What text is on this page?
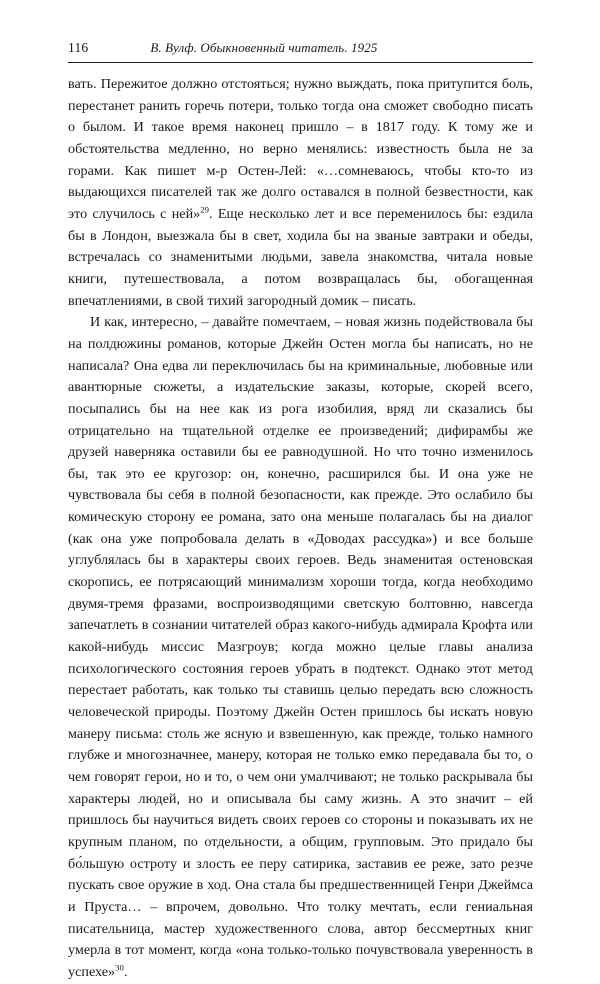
116	В. Вулф. Обыкновенный читатель. 1925

вать. Пережитое должно отстояться; нужно выждать, пока притупится боль, перестанет ранить горечь потери, только тогда она сможет свободно писать о былом. И такое время наконец пришло – в 1817 году. К тому же и обстоятельства медленно, но верно менялись: известность была не за горами. Как пишет м-р Остен-Лей: «…сомневаюсь, чтобы кто-то из выдающихся писателей так же долго оставался в полной безвестности, как это случилось с ней»$^{29}$. Еще несколько лет и все переменилось бы: ездила бы в Лондон, выезжала бы в свет, ходила бы на званые завтраки и обеды, встречалась со знаменитыми людьми, завела знакомства, читала новые книги, путешествовала, а потом возвращалась бы, обогащенная впечатлениями, в свой тихий загородный домик – писать.

И как, интересно, – давайте помечтаем, – новая жизнь подействовала бы на полдюжины романов, которые Джейн Остен могла бы написать, но не написала? Она едва ли переключилась бы на криминальные, любовные или авантюрные сюжеты, а издательские заказы, которые, скорей всего, посыпались бы на нее как из рога изобилия, вряд ли сказались бы отрицательно на тщательной отделке ее произведений; дифирамбы же друзей наверняка оставили бы ее равнодушной. Но что точно изменилось бы, так это ее кругозор: он, конечно, расширился бы. И она уже не чувствовала бы себя в полной безопасности, как прежде. Это ослабило бы комическую сторону ее романа, зато она меньше полагалась бы на диалог (как она уже попробовала делать в «Доводах рассудка») и все больше углублялась бы в характеры своих героев. Ведь знаменитая остеновская скоропись, ее потрясающий минимализм хороши тогда, когда необходимо двумя-тремя фразами, воспроизводящими светскую болтовню, навсегда запечатлеть в сознании читателей образ какого-нибудь адмирала Крофта или какой-нибудь миссис Мазгроув; когда можно целые главы анализа психологического состояния героев убрать в подтекст. Однако этот метод перестает работать, как только ты ставишь целью передать всю сложность человеческой природы. Поэтому Джейн Остен пришлось бы искать новую манеру письма: столь же ясную и взвешенную, как прежде, только намного глубже и многозначнее, манеру, которая не только емко передавала бы то, о чем говорят герои, но и то, о чем они умалчивают; не только раскрывала бы характеры людей, но и описывала бы саму жизнь. А это значит – ей пришлось бы научиться видеть своих героев со стороны и показывать их не крупным планом, по отдельности, а общим, групповым. Это придало бы бо́льшую остроту и злость ее перу сатирика, заставив ее реже, зато резче пускать свое оружие в ход. Она стала бы предшественницей Генри Джеймса и Пруста… – впрочем, довольно. Что толку мечтать, если гениальная писательница, мастер художественного слова, автор бессмертных книг умерла в тот момент, когда «она только-только почувствовала уверенность в успехе»$^{30}$.
